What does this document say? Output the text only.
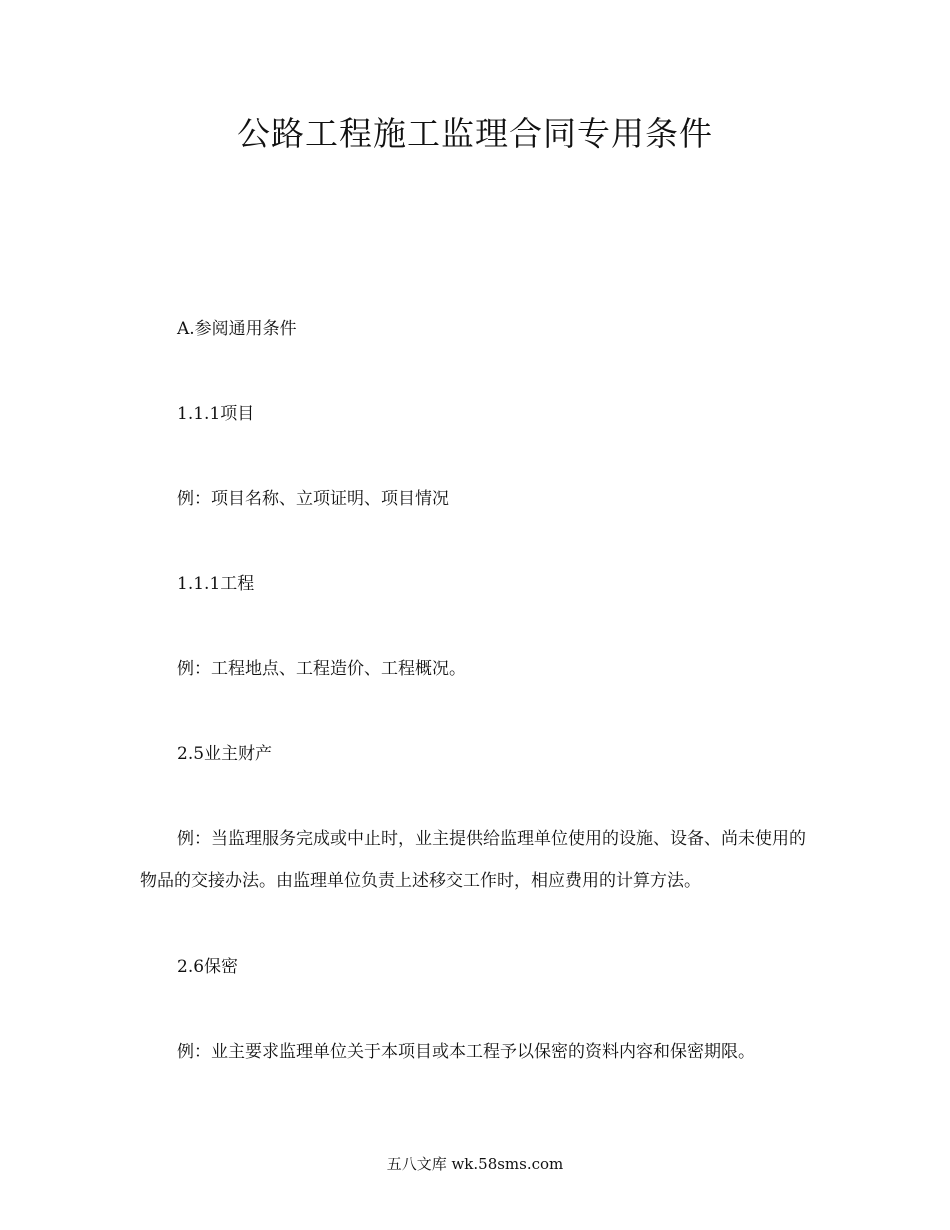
公路工程施工监理合同专用条件

A.参阅通用条件

1.1.1项目

例：项目名称、立项证明、项目情况

1.1.1工程

例：工程地点、工程造价、工程概况。

2.5业主财产

例：当监理服务完成或中止时，业主提供给监理单位使用的设施、设备、尚未使用的物品的交接办法。由监理单位负责上述移交工作时，相应费用的计算方法。

2.6保密

例：业主要求监理单位关于本项目或本工程予以保密的资料内容和保密期限。

五八文库 wk.58sms.com
